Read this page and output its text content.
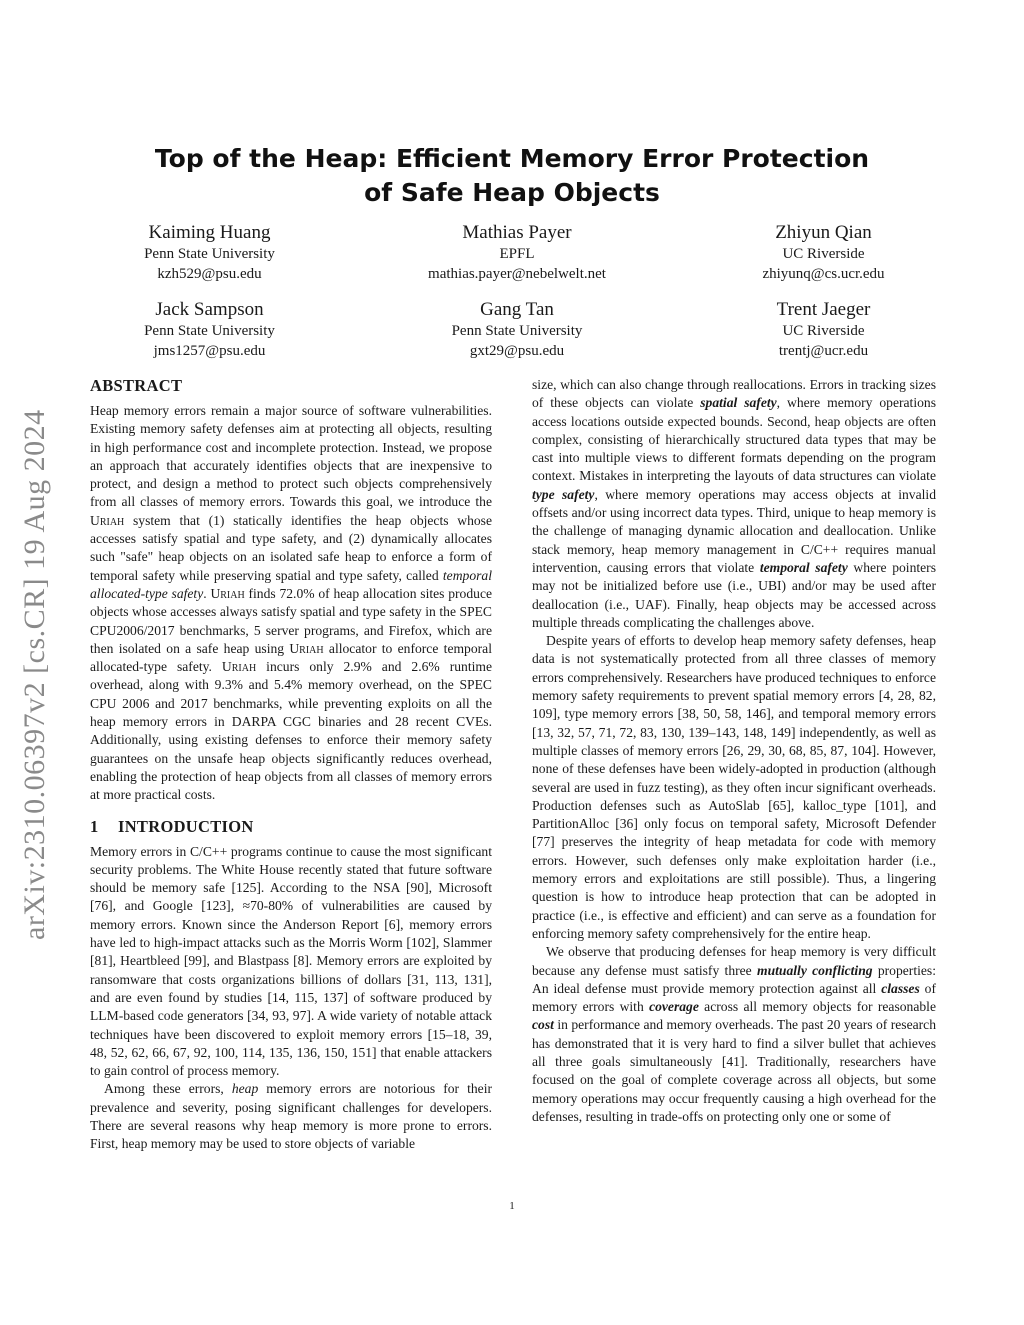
arXiv:2310.06397v2 [cs.CR] 19 Aug 2024
Top of the Heap: Efficient Memory Error Protection
of Safe Heap Objects
Kaiming Huang
Penn State University
kzh529@psu.edu
Mathias Payer
EPFL
mathias.payer@nebelwelt.net
Zhiyun Qian
UC Riverside
zhiyunq@cs.ucr.edu
Jack Sampson
Penn State University
jms1257@psu.edu
Gang Tan
Penn State University
gxt29@psu.edu
Trent Jaeger
UC Riverside
trentj@ucr.edu
ABSTRACT

Heap memory errors remain a major source of software vulnerabilities. Existing memory safety defenses aim at protecting all objects, resulting in high performance cost and incomplete protection. Instead, we propose an approach that accurately identifies objects that are inexpensive to protect, and design a method to protect such objects comprehensively from all classes of memory errors. Towards this goal, we introduce the Uriah system that (1) statically identifies the heap objects whose accesses satisfy spatial and type safety, and (2) dynamically allocates such "safe" heap objects on an isolated safe heap to enforce a form of temporal safety while preserving spatial and type safety, called temporal allocated-type safety. Uriah finds 72.0% of heap allocation sites produce objects whose accesses always satisfy spatial and type safety in the SPEC CPU2006/2017 benchmarks, 5 server programs, and Firefox, which are then isolated on a safe heap using Uriah allocator to enforce temporal allocated-type safety. Uriah incurs only 2.9% and 2.6% runtime overhead, along with 9.3% and 5.4% memory overhead, on the SPEC CPU 2006 and 2017 benchmarks, while preventing exploits on all the heap memory errors in DARPA CGC binaries and 28 recent CVEs. Additionally, using existing defenses to enforce their memory safety guarantees on the unsafe heap objects significantly reduces overhead, enabling the protection of heap objects from all classes of memory errors at more practical costs.

1 INTRODUCTION

Memory errors in C/C++ programs continue to cause the most significant security problems. The White House recently stated that future software should be memory safe [125]. According to the NSA [90], Microsoft [76], and Google [123], ≈70-80% of vulnerabilities are caused by memory errors. Known since the Anderson Report [6], memory errors have led to high-impact attacks such as the Morris Worm [102], Slammer [81], Heartbleed [99], and Blastpass [8]. Memory errors are exploited by ransomware that costs organizations billions of dollars [31, 113, 131], and are even found by studies [14, 115, 137] of software produced by LLM-based code generators [34, 93, 97]. A wide variety of notable attack techniques have been discovered to exploit memory errors [15–18, 39, 48, 52, 62, 66, 67, 92, 100, 114, 135, 136, 150, 151] that enable attackers to gain control of process memory.

Among these errors, heap memory errors are notorious for their prevalence and severity, posing significant challenges for developers. There are several reasons why heap memory is more prone to errors. First, heap memory may be used to store objects of variable

size, which can also change through reallocations. Errors in tracking sizes of these objects can violate spatial safety, where memory operations access locations outside expected bounds. Second, heap objects are often complex, consisting of hierarchically structured data types that may be cast into multiple views to different formats depending on the program context. Mistakes in interpreting the layouts of data structures can violate type safety, where memory operations may access objects at invalid offsets and/or using incorrect data types. Third, unique to heap memory is the challenge of managing dynamic allocation and deallocation. Unlike stack memory, heap memory management in C/C++ requires manual intervention, causing errors that violate temporal safety where pointers may not be initialized before use (i.e., UBI) and/or may be used after deallocation (i.e., UAF). Finally, heap objects may be accessed across multiple threads complicating the challenges above.

Despite years of efforts to develop heap memory safety defenses, heap data is not systematically protected from all three classes of memory errors comprehensively. Researchers have produced techniques to enforce memory safety requirements to prevent spatial memory errors [4, 28, 82, 109], type memory errors [38, 50, 58, 146], and temporal memory errors [13, 32, 57, 71, 72, 83, 130, 139–143, 148, 149] independently, as well as multiple classes of memory errors [26, 29, 30, 68, 85, 87, 104]. However, none of these defenses have been widely-adopted in production (although several are used in fuzz testing), as they often incur significant overheads. Production defenses such as AutoSlab [65], kalloc_type [101], and PartitionAlloc [36] only focus on temporal safety, Microsoft Defender [77] preserves the integrity of heap metadata for code with memory errors. However, such defenses only make exploitation harder (i.e., memory errors and exploitations are still possible). Thus, a lingering question is how to introduce heap protection that can be adopted in practice (i.e., is effective and efficient) and can serve as a foundation for enforcing memory safety comprehensively for the entire heap.

We observe that producing defenses for heap memory is very difficult because any defense must satisfy three mutually conflicting properties: An ideal defense must provide memory protection against all classes of memory errors with coverage across all memory objects for reasonable cost in performance and memory overheads. The past 20 years of research has demonstrated that it is very hard to find a silver bullet that achieves all three goals simultaneously [41]. Traditionally, researchers have focused on the goal of complete coverage across all objects, but some memory operations may occur frequently causing a high overhead for the defenses, resulting in trade-offs on protecting only one or some of

1
